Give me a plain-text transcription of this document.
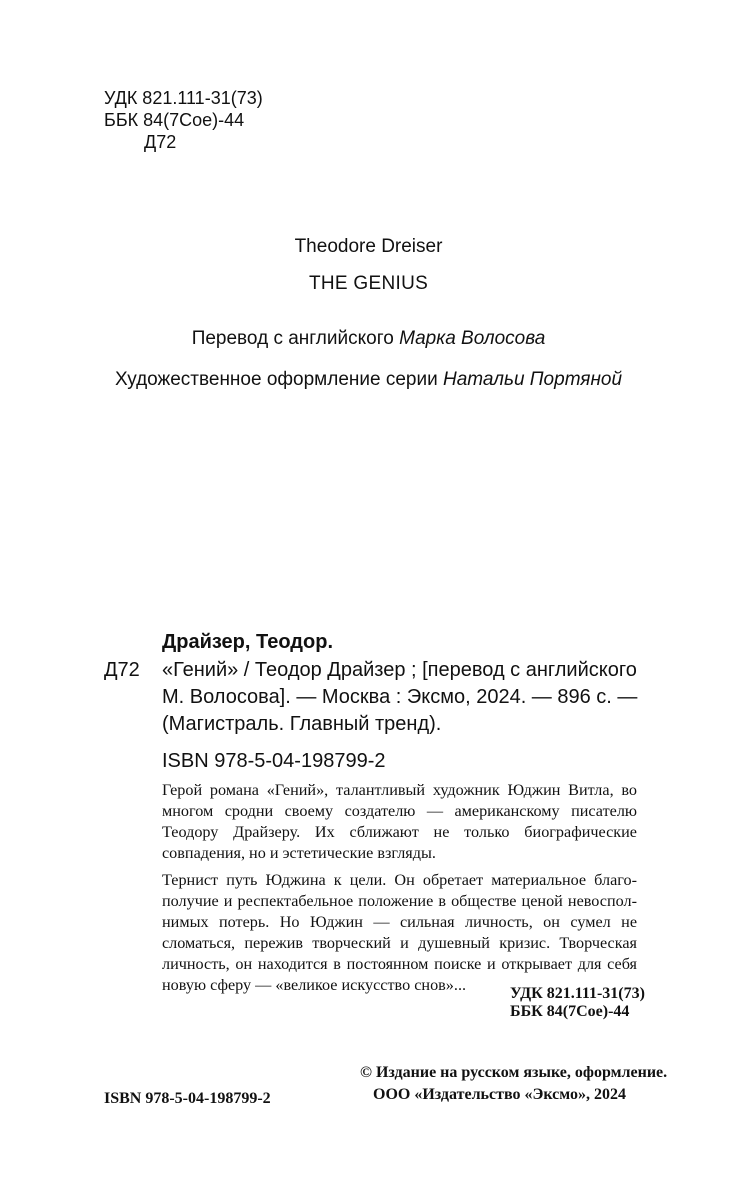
УДК 821.111-31(73)
ББК 84(7Сое)-44
Д72
Theodore Dreiser
THE GENIUS
Перевод с английского Марка Волосова
Художественное оформление серии Натальи Портяной
Драйзер, Теодор.
Д72 «Гений» / Теодор Драйзер ; [перевод с английского
М. Волосова]. — Москва : Эксмо, 2024. — 896 с. —
(Магистраль. Главный тренд).
ISBN 978-5-04-198799-2

Герой романа «Гений», талантливый художник Юджин Витла, во многом сродни своему создателю — американскому писателю Теодору Драйзеру. Их сближают не только биографические совпадения, но и эстетические взгляды.

Тернист путь Юджина к цели. Он обретает материальное благополучие и респектабельное положение в обществе ценой невосполнимых потерь. Но Юджин — сильная личность, он сумел не сломаться, пережив творческий и душевный кризис. Творческая личность, он находится в постоянном поиске и открывает для себя новую сферу — «великое искусство снов»...	УДК 821.111-31(73)
ББК 84(7Сое)-44
ISBN 978-5-04-198799-2
© Издание на русском языке, оформление.
ООО «Издательство «Эксмо», 2024
